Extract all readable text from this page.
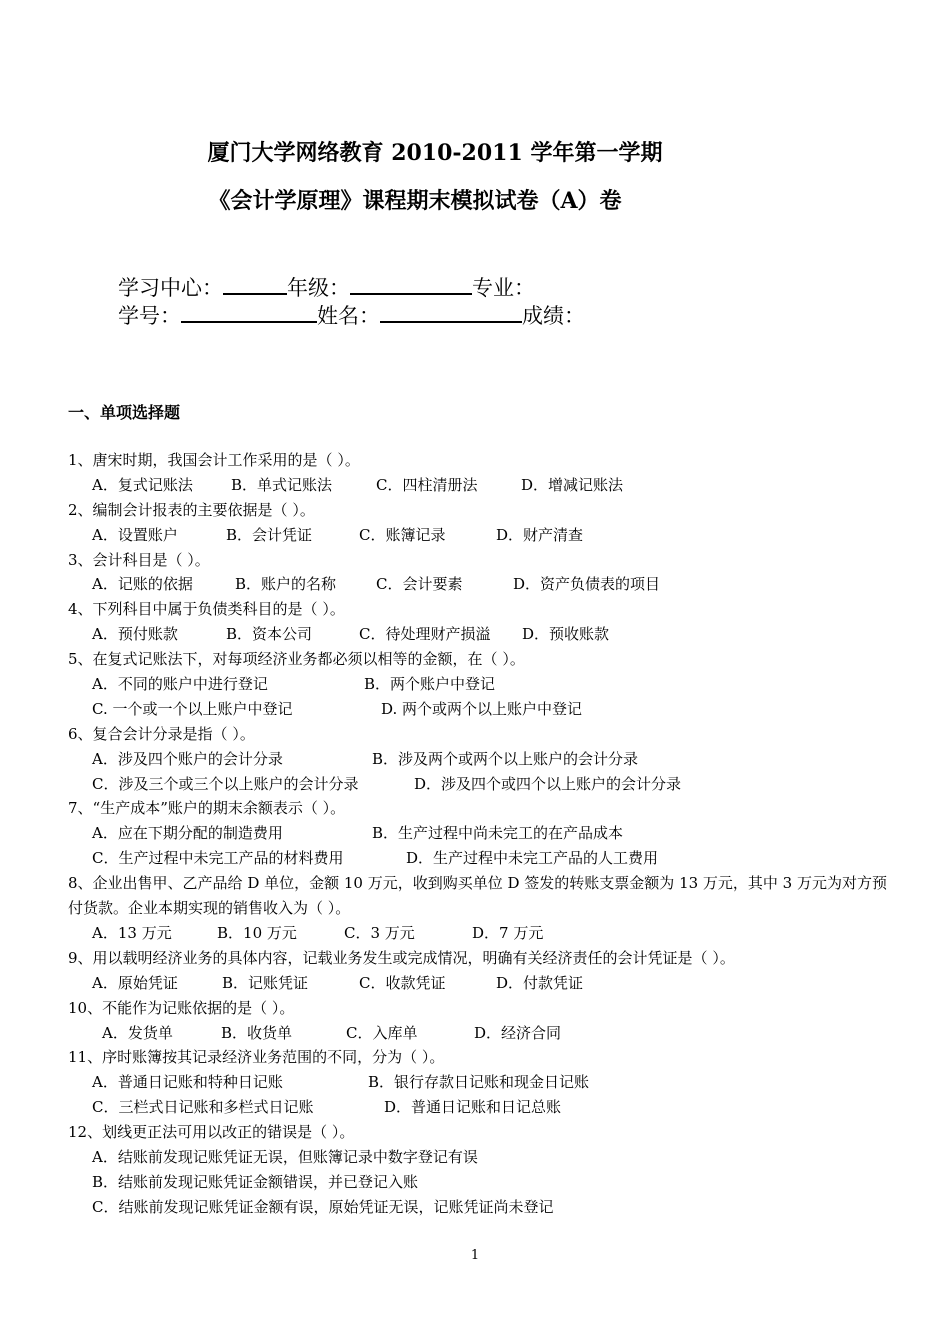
厦门大学网络教育 2010-2011 学年第一学期
《会计学原理》课程期末模拟试卷（A）卷
学习中心：	年级：	专业：
学号：	姓名：	成绩：
一、单项选择题
1、唐宋时期，我国会计工作采用的是（ ）。
A．复式记账法	B．单式记账法	C．四柱清册法	D．增减记账法
2、编制会计报表的主要依据是（ ）。
A．设置账户	B．会计凭证	C．账簿记录	D．财产清查
3、会计科目是（ ）。
A．记账的依据	B．账户的名称	C．会计要素	D．资产负债表的项目
4、下列科目中属于负债类科目的是（ ）。
A．预付账款	B．资本公司	C．待处理财产损溢 D．预收账款
5、在复式记账法下，对每项经济业务都必须以相等的金额，在（ ）。
A．不同的账户中进行登记	B．两个账户中登记
C. 一个或一个以上账户中登记	D. 两个或两个以上账户中登记
6、复合会计分录是指（ ）。
A．涉及四个账户的会计分录	B．涉及两个或两个以上账户的会计分录
C．涉及三个或三个以上账户的会计分录	D．涉及四个或四个以上账户的会计分录
7、“生产成本”账户的期末余额表示（ ）。
A．应在下期分配的制造费用	B．生产过程中尚未完工的在产品成本
C．生产过程中未完工产品的材料费用	D．生产过程中未完工产品的人工费用
8、企业出售甲、乙产品给 D 单位，金额 10 万元，收到购买单位 D 签发的转账支票金额为 13 万元，其中 3 万元为对方预付货款。企业本期实现的销售收入为（ ）。
A．13 万元	B．10 万元	C．3 万元	D．7 万元
9、用以载明经济业务的具体内容，记载业务发生或完成情况，明确有关经济责任的会计凭证是（ ）。
A．原始凭证	B．记账凭证	C．收款凭证	D．付款凭证
10、不能作为记账依据的是（ ）。
A．发货单	B．收货单	C．入库单	D．经济合同
11、序时账簿按其记录经济业务范围的不同，分为（ ）。
A．普通日记账和特种日记账	B．银行存款日记账和现金日记账
C．三栏式日记账和多栏式日记账	D．普通日记账和日记总账
12、划线更正法可用以改正的错误是（ ）。
A．结账前发现记账凭证无误，但账簿记录中数字登记有误
B．结账前发现记账凭证金额错误，并已登记入账
C．结账前发现记账凭证金额有误，原始凭证无误，记账凭证尚未登记
1
